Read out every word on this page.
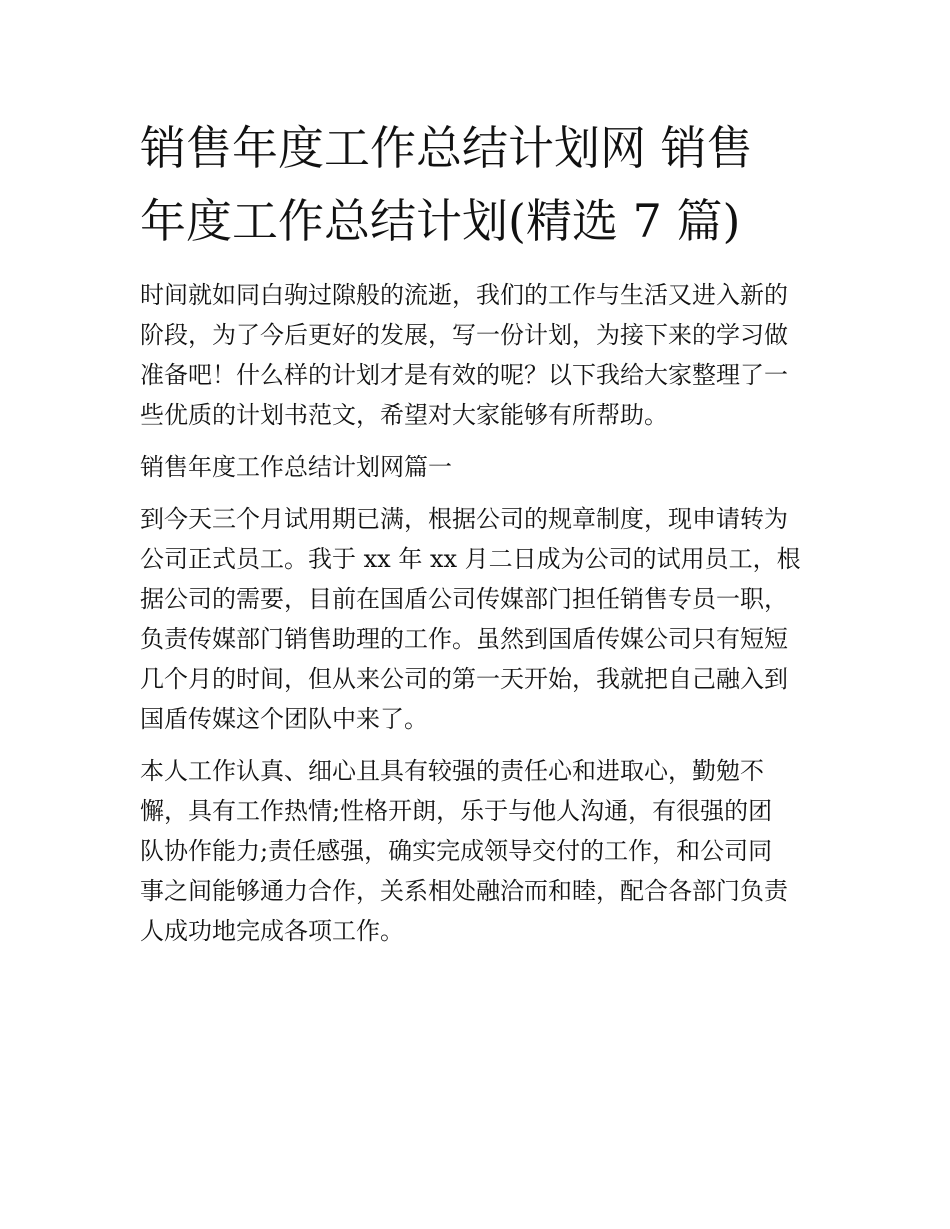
销售年度工作总结计划网 销售
年度工作总结计划(精选 7 篇)

时间就如同白驹过隙般的流逝，我们的工作与生活又进入新的
阶段，为了今后更好的发展，写一份计划，为接下来的学习做
准备吧！什么样的计划才是有效的呢？以下我给大家整理了一
些优质的计划书范文，希望对大家能够有所帮助。

销售年度工作总结计划网篇一

到今天三个月试用期已满，根据公司的规章制度，现申请转为
公司正式员工。我于 xx 年 xx 月二日成为公司的试用员工，根
据公司的需要，目前在国盾公司传媒部门担任销售专员一职，
负责传媒部门销售助理的工作。虽然到国盾传媒公司只有短短
几个月的时间，但从来公司的第一天开始，我就把自己融入到
国盾传媒这个团队中来了。

本人工作认真、细心且具有较强的责任心和进取心，勤勉不
懈，具有工作热情;性格开朗，乐于与他人沟通，有很强的团
队协作能力;责任感强，确实完成领导交付的工作，和公司同
事之间能够通力合作，关系相处融洽而和睦，配合各部门负责
人成功地完成各项工作。
